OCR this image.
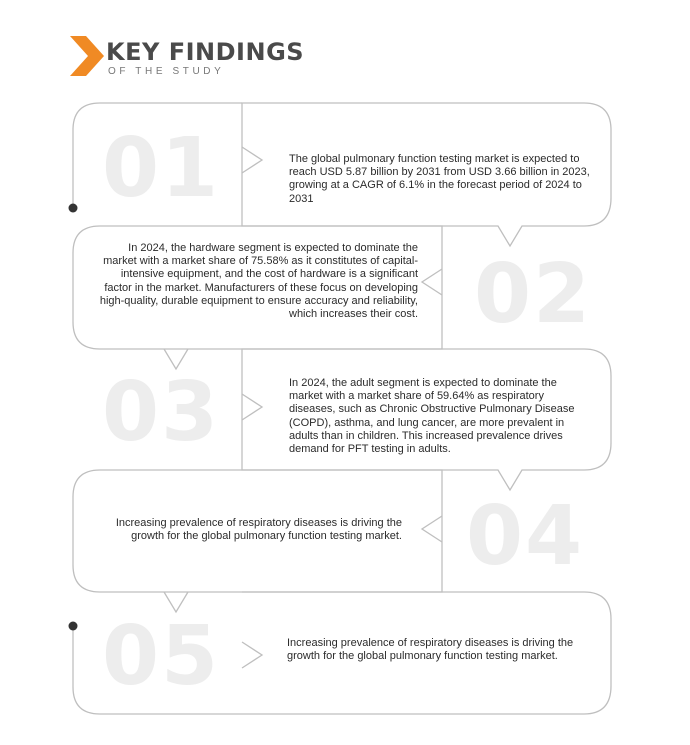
KEY FINDINGS
OF THE STUDY
01
02
03
04
05
The global pulmonary function testing market is expected to reach USD 5.87 billion by 2031 from USD 3.66 billion in 2023, growing at a CAGR of 6.1% in the forecast period of 2024 to 2031
In 2024, the hardware segment is expected to dominate the market with a market share of 75.58% as it constitutes of capital-intensive equipment, and the cost of hardware is a significant factor in the market. Manufacturers of these focus on developing high-quality, durable equipment to ensure accuracy and reliability, which increases their cost.
In 2024, the adult segment is expected to dominate the market with a market share of 59.64% as respiratory diseases, such as Chronic Obstructive Pulmonary Disease (COPD), asthma, and lung cancer, are more prevalent in adults than in children. This increased prevalence drives demand for PFT testing in adults.
Increasing prevalence of respiratory diseases is driving the growth for the global pulmonary function testing market.
Increasing prevalence of respiratory diseases is driving the growth for the global pulmonary function testing market.
